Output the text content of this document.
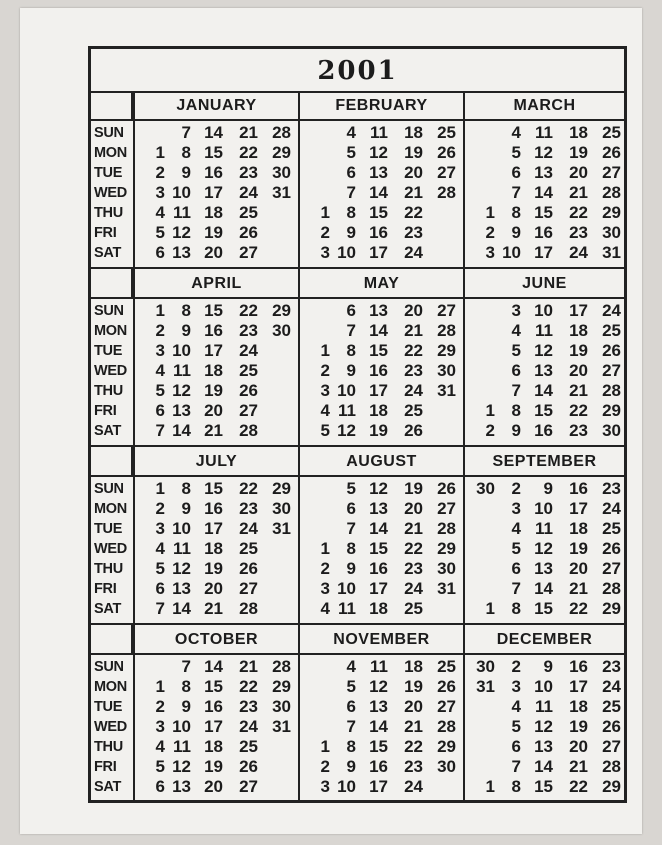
2001
SUN
MON
TUE
WED
THU
FRI
SAT
JANUARY
7 14 21 28
1 8 15 22 29
2 9 16 23 30
3 10 17 24 31
4 11 18 25
5 12 19 26
6 13 20 27
FEBRUARY
4 11 18 25
5 12 19 26
6 13 20 27
7 14 21 28
1 8 15 22
2 9 16 23
3 10 17 24
MARCH
4 11 18 25
5 12 19 26
6 13 20 27
7 14 21 28
1 8 15 22 29
2 9 16 23 30
3 10 17 24 31
SUN
MON
TUE
WED
THU
FRI
SAT
APRIL
1 8 15 22 29
2 9 16 23 30
3 10 17 24
4 11 18 25
5 12 19 26
6 13 20 27
7 14 21 28
MAY
6 13 20 27
7 14 21 28
1 8 15 22 29
2 9 16 23 30
3 10 17 24 31
4 11 18 25
5 12 19 26
JUNE
3 10 17 24
4 11 18 25
5 12 19 26
6 13 20 27
7 14 21 28
1 8 15 22 29
2 9 16 23 30
SUN
MON
TUE
WED
THU
FRI
SAT
JULY
1 8 15 22 29
2 9 16 23 30
3 10 17 24 31
4 11 18 25
5 12 19 26
6 13 20 27
7 14 21 28
AUGUST
5 12 19 26
6 13 20 27
7 14 21 28
1 8 15 22 29
2 9 16 23 30
3 10 17 24 31
4 11 18 25
SEPTEMBER
30 2	9 16 23
3 10 17 24
4 11 18 25
5 12 19 26
6 13 20 27
7 14 21 28
1 8 15 22 29
SUN
MON
TUE
WED
THU
FRI
SAT
OCTOBER
7 14 21 28
1 8 15 22 29
2 9 16 23 30
3 10 17 24 31
4 11 18 25
5 12 19 26
6 13 20 27
NOVEMBER
4 11 18 25
5 12 19 26
6 13 20 27
7 14 21 28
1 8 15 22 29
2 9 16 23 30
3 10 17 24
DECEMBER
30 2	9 16 23
31 3 10 17 24
4 11 18 25
5 12 19 26
6 13 20 27
7 14 21 28
1 8 15 22 29
